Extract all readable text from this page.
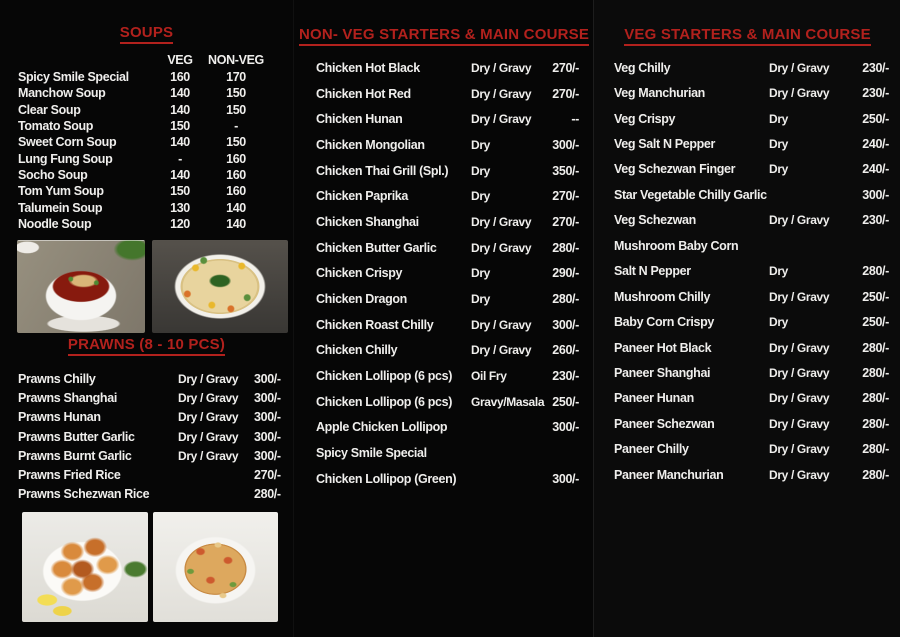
SOUPS
VEG	NON-VEG
Spicy Smile Special	160	170
Manchow Soup	140	150
Clear Soup	140	150
Tomato Soup	150	-
Sweet Corn Soup	140	150
Lung Fung Soup	-	160
Socho Soup	140	160
Tom Yum Soup	150	160
Talumein Soup	130	140
Noodle Soup	120	140
PRAWNS (8 - 10 PCS)
Prawns Chilly	Dry / Gravy	300/-
Prawns Shanghai	Dry / Gravy	300/-
Prawns Hunan	Dry / Gravy	300/-
Prawns Butter Garlic	Dry / Gravy	300/-
Prawns Burnt Garlic	Dry / Gravy	300/-
Prawns Fried Rice	270/-
Prawns Schezwan Rice	280/-
NON- VEG STARTERS & MAIN COURSE
Chicken Hot Black	Dry / Gravy	270/-
Chicken Hot Red	Dry / Gravy	270/-
Chicken Hunan	Dry / Gravy	--
Chicken Mongolian	Dry	300/-
Chicken Thai Grill (Spl.)	Dry	350/-
Chicken Paprika	Dry	270/-
Chicken Shanghai	Dry / Gravy	270/-
Chicken Butter Garlic	Dry / Gravy	280/-
Chicken Crispy	Dry	290/-
Chicken Dragon	Dry	280/-
Chicken Roast Chilly	Dry / Gravy	300/-
Chicken Chilly	Dry / Gravy	260/-
Chicken Lollipop (6 pcs)	Oil Fry	230/-
Chicken Lollipop (6 pcs)	Gravy/Masala 250/-
Apple Chicken Lollipop	300/-
Spicy Smile Special
Chicken Lollipop (Green)	300/-
VEG STARTERS & MAIN COURSE
Veg Chilly	Dry / Gravy	230/-
Veg Manchurian	Dry / Gravy	230/-
Veg Crispy	Dry	250/-
Veg Salt N Pepper	Dry	240/-
Veg Schezwan Finger	Dry	240/-
Star Vegetable Chilly Garlic	300/-
Veg Schezwan	Dry / Gravy	230/-
Mushroom Baby Corn
Salt N Pepper	Dry	280/-
Mushroom Chilly	Dry / Gravy	250/-
Baby Corn Crispy	Dry	250/-
Paneer Hot Black	Dry / Gravy	280/-
Paneer Shanghai	Dry / Gravy	280/-
Paneer Hunan	Dry / Gravy	280/-
Paneer Schezwan	Dry / Gravy	280/-
Paneer Chilly	Dry / Gravy	280/-
Paneer Manchurian	Dry / Gravy	280/-
